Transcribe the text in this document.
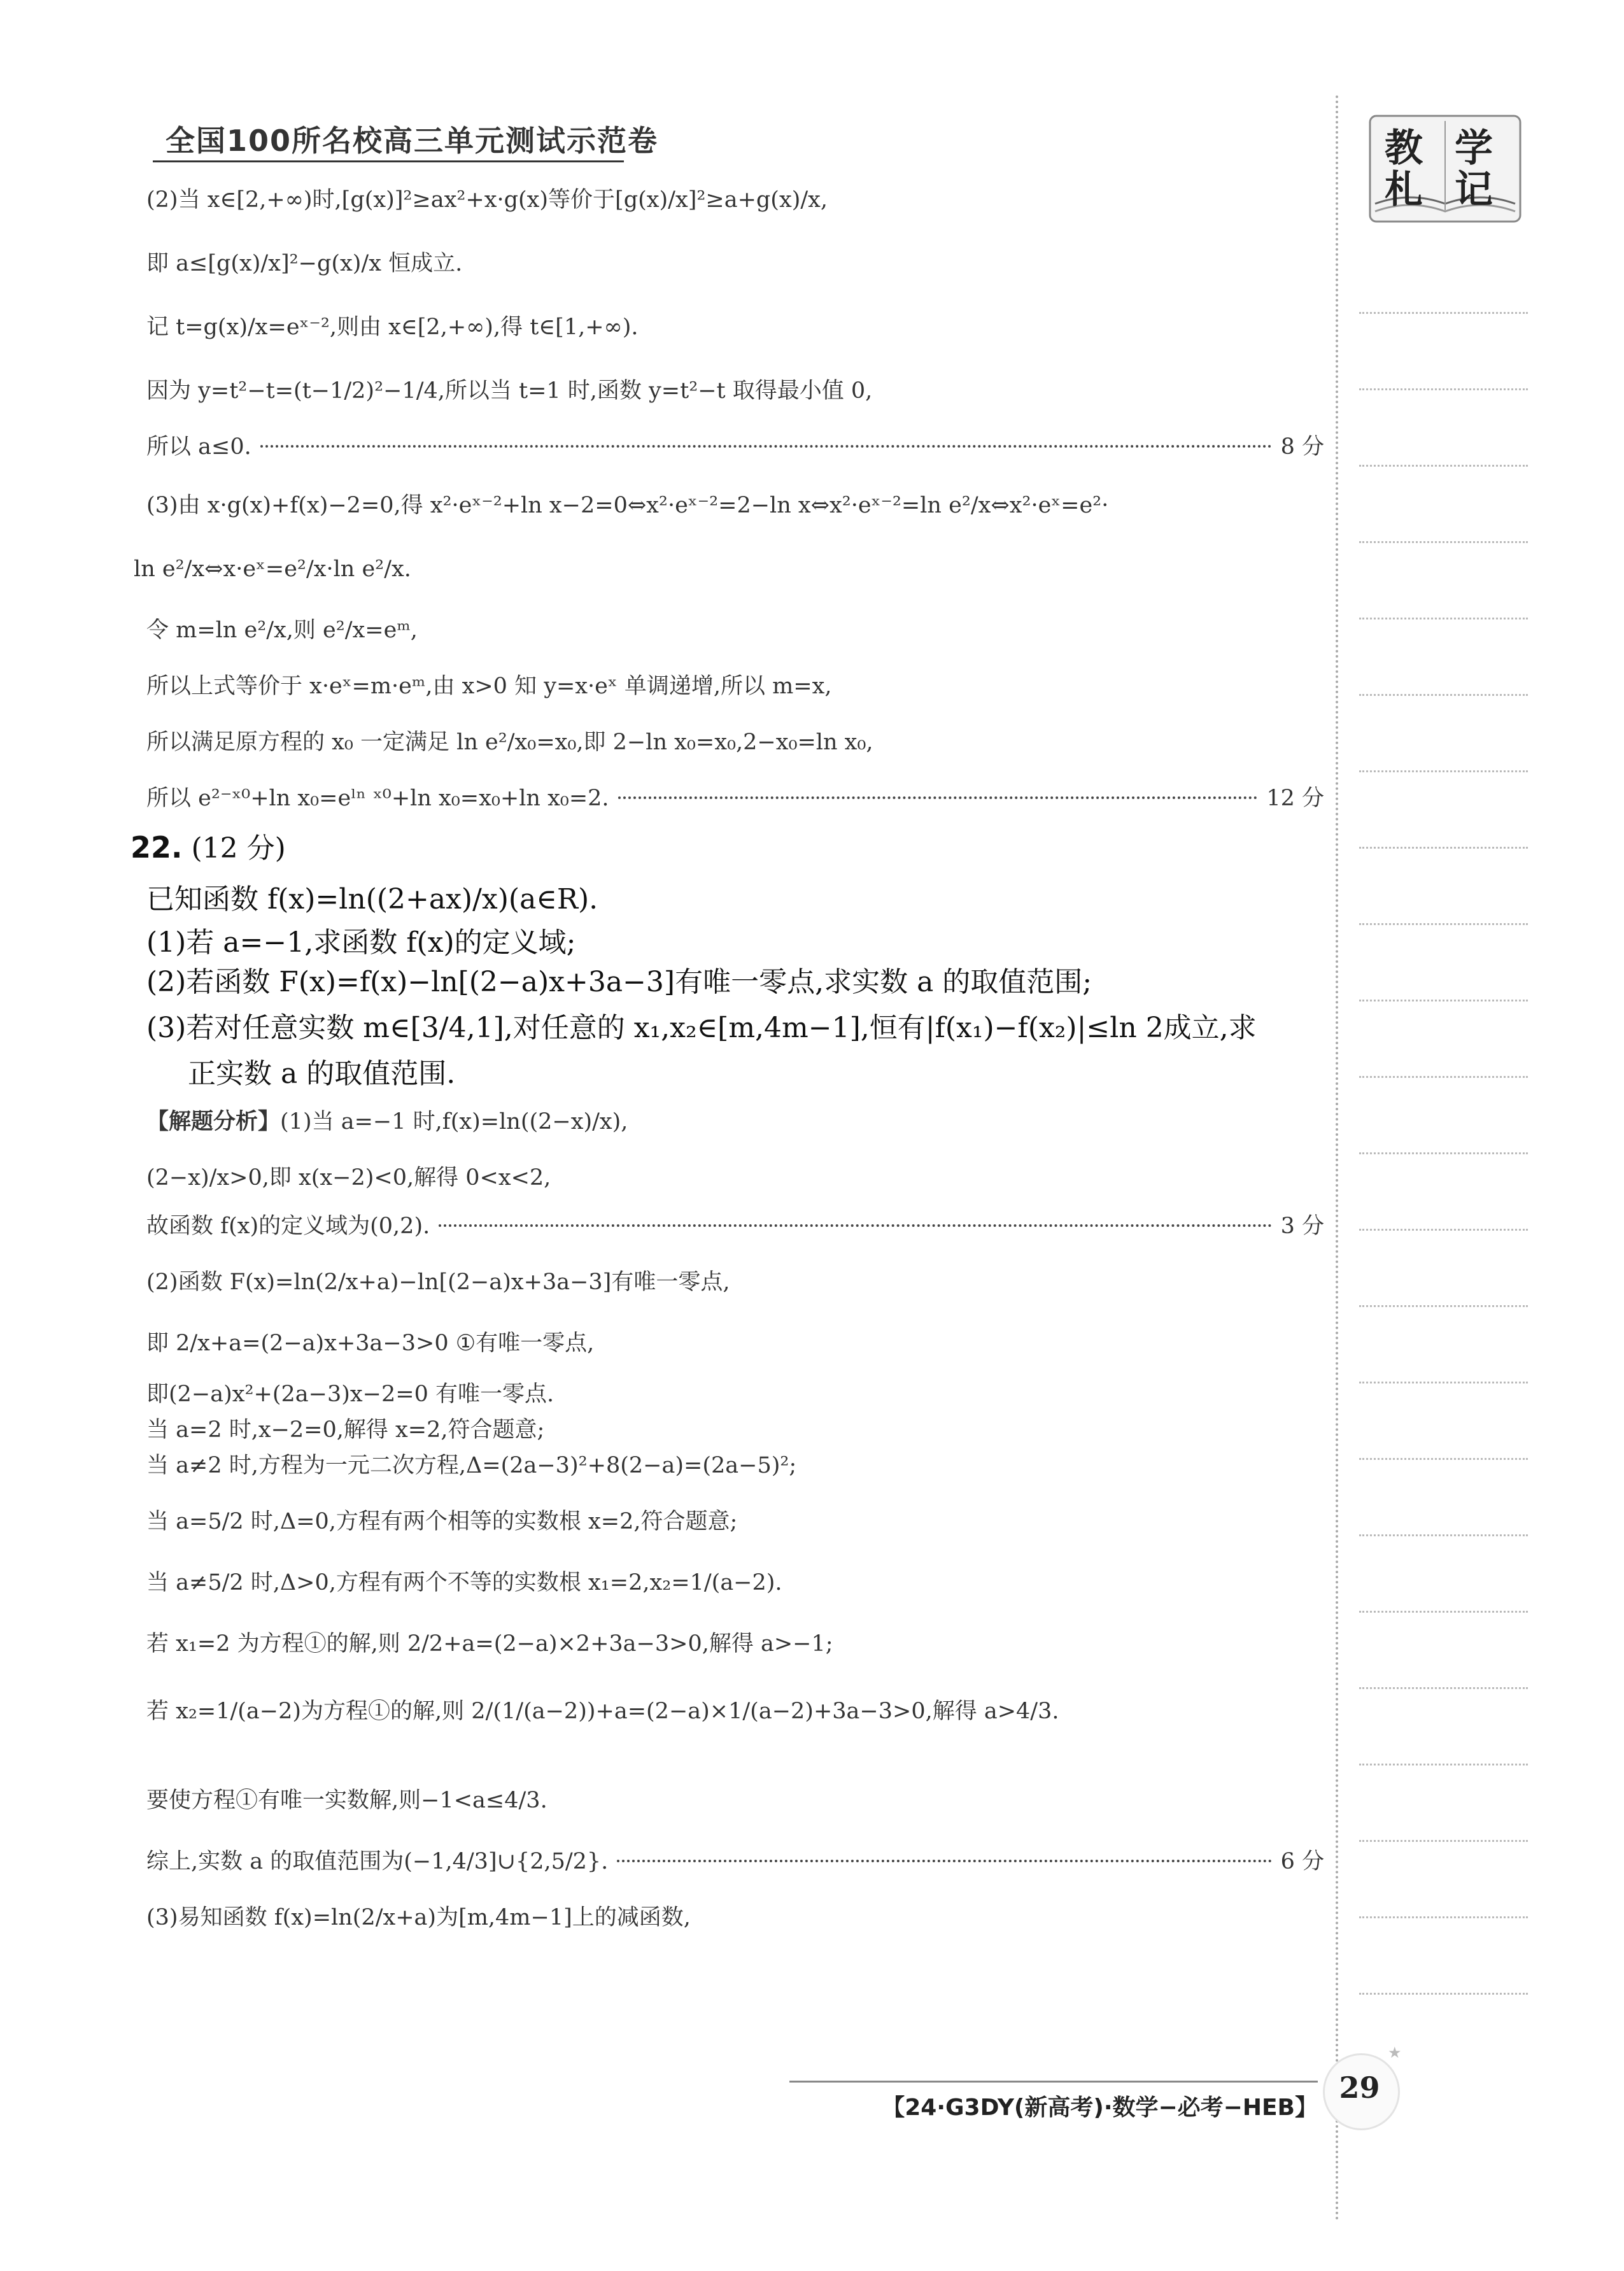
全国100所名校高三单元测试示范卷	教 学
札 记
(2)当 x∈[2,+∞)时,[g(x)]²≥ax²+x·g(x)等价于[g(x)/x]²≥a+g(x)/x,
即 a≤[g(x)/x]²−g(x)/x 恒成立.
记 t=g(x)/x=eˣ⁻²,则由 x∈[2,+∞),得 t∈[1,+∞).
因为 y=t²−t=(t−1/2)²−1/4,所以当 t=1 时,函数 y=t²−t 取得最小值 0,
所以 a≤0.	8 分
(3)由 x·g(x)+f(x)−2=0,得 x²·eˣ⁻²+ln x−2=0⇔x²·eˣ⁻²=2−ln x⇔x²·eˣ⁻²=ln e²/x⇔x²·eˣ=e²·
ln e²/x⇔x·eˣ=e²/x·ln e²/x.
令 m=ln e²/x,则 e²/x=eᵐ,
所以上式等价于 x·eˣ=m·eᵐ,由 x>0 知 y=x·eˣ 单调递增,所以 m=x,
所以满足原方程的 x₀ 一定满足 ln e²/x₀=x₀,即 2−ln x₀=x₀,2−x₀=ln x₀,
所以 e²⁻ˣ⁰+ln x₀=eˡⁿ ˣ⁰+ln x₀=x₀+ln x₀=2.	12 分
22. (12 分)
已知函数 f(x)=ln((2+ax)/x)(a∈R).
(1)若 a=−1,求函数 f(x)的定义域;
(2)若函数 F(x)=f(x)−ln[(2−a)x+3a−3]有唯一零点,求实数 a 的取值范围;
(3)若对任意实数 m∈[3/4,1],对任意的 x₁,x₂∈[m,4m−1],恒有|f(x₁)−f(x₂)|≤ln 2成立,求
正实数 a 的取值范围.
【解题分析】(1)当 a=−1 时,f(x)=ln((2−x)/x),
(2−x)/x>0,即 x(x−2)<0,解得 0<x<2,
故函数 f(x)的定义域为(0,2).	3 分
(2)函数 F(x)=ln(2/x+a)−ln[(2−a)x+3a−3]有唯一零点,
即 2/x+a=(2−a)x+3a−3>0 ①有唯一零点,
即(2−a)x²+(2a−3)x−2=0 有唯一零点.
当 a=2 时,x−2=0,解得 x=2,符合题意;
当 a≠2 时,方程为一元二次方程,Δ=(2a−3)²+8(2−a)=(2a−5)²;
当 a=5/2 时,Δ=0,方程有两个相等的实数根 x=2,符合题意;
当 a≠5/2 时,Δ>0,方程有两个不等的实数根 x₁=2,x₂=1/(a−2).
若 x₁=2 为方程①的解,则 2/2+a=(2−a)×2+3a−3>0,解得 a>−1;
若 x₂=1/(a−2)为方程①的解,则 2/(1/(a−2))+a=(2−a)×1/(a−2)+3a−3>0,解得 a>4/3.
要使方程①有唯一实数解,则−1<a≤4/3.
综上,实数 a 的取值范围为(−1,4/3]∪{2,5/2}.	6 分
(3)易知函数 f(x)=ln(2/x+a)为[m,4m−1]上的减函数,
【24·G3DY(新高考)·数学−必考−HEB】
29
★
